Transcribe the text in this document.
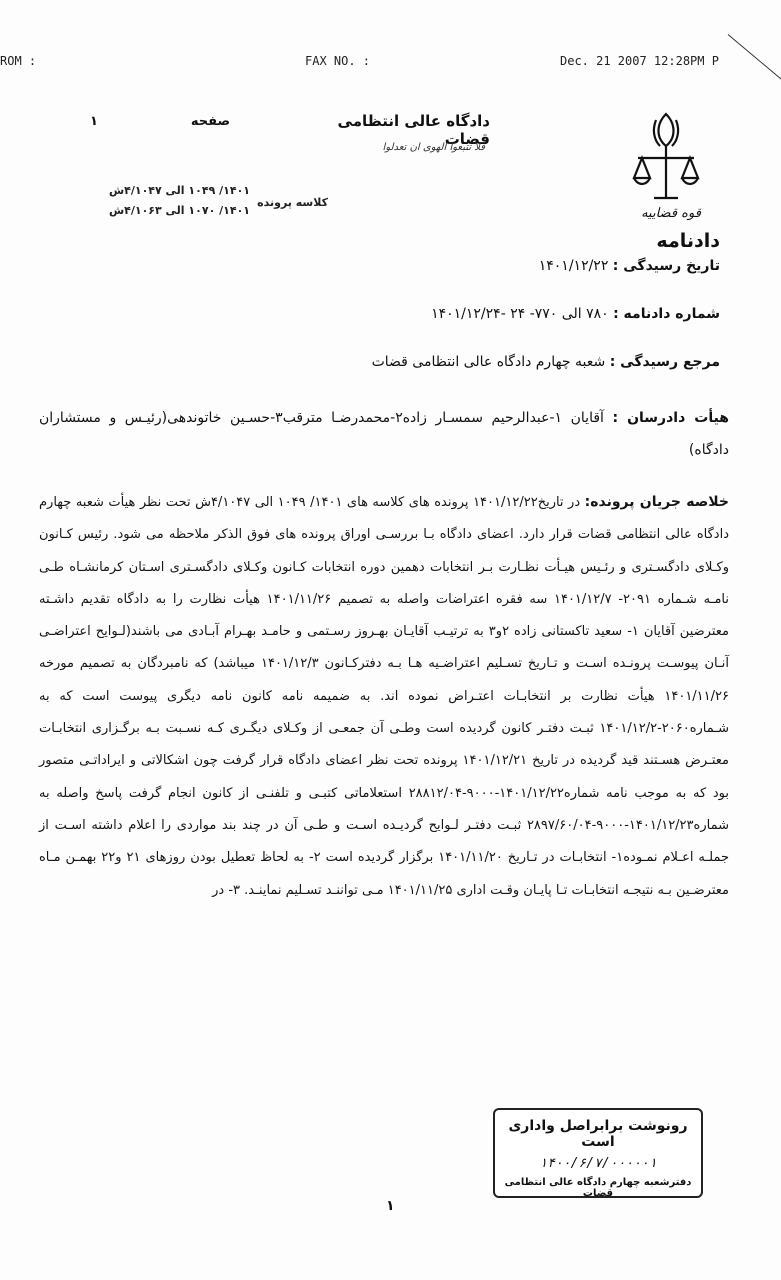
ROM :	FAX NO. :	Dec. 21 2007 12:28PM P
قوه قضاییه
دادگاه عالی انتظامی قضات
فلا تتبعوا الهوی ان تعدلوا
صفحه
۱
۱۴۰۱/ ۱۰۴۹ الی ۴/۱۰۴۷ش
۱۴۰۱/ ۱۰۷۰ الی ۴/۱۰۶۳ش
کلاسه پرونده
دادنامه
تاریخ رسیدگی : ۱۴۰۱/۱۲/۲۲
شماره دادنامه : ۷۸۰ الی ۷۷۰- ۲۴ -۱۴۰۱/۱۲/۲۴
مرجع رسیدگی : شعبه چهارم دادگاه عالی انتظامی قضات
هیأت دادرسان : آقایان ۱-عبدالرحیم سمسـار زاده۲-محمدرضـا مترقب۳-حسـین خاتوندهی(رئیـس و مستشاران دادگاه)
خلاصه جریان پرونده: در تاریخ۱۴۰۱/۱۲/۲۲ پرونده های کلاسه های ۱۴۰۱/ ۱۰۴۹ الی ۴/۱۰۴۷ش تحت نظر هیأت شعبه چهارم دادگاه عالی انتظامی قضات قرار دارد. اعضای دادگاه بـا بررسـی اوراق پرونده های فوق الذکر ملاحظه می شود. رئیس کـانون وکـلای دادگسـتری و رئـیس هیـأت نظـارت بـر انتخابات دهمین دوره انتخابات کـانون وکـلای دادگسـتری اسـتان کرمانشـاه طـی نامـه شـماره ۲۰۹۱- ۱۴۰۱/۱۲/۷ سه فقره اعتراضات واصله به تصمیم ۱۴۰۱/۱۱/۲۶ هیأت نظارت را به دادگاه تقدیم داشـته معترضین آقایان ۱- سعید تاکستانی زاده ۲و۳ به ترتیـب آقایـان بهـروز رسـتمی و حامـد بهـرام آبـادی می باشند(لـوایح اعتراضـی آنـان پیوسـت پرونـده اسـت و تـاریخ تسـلیم اعتراضـیه هـا بـه دفترکـانون ۱۴۰۱/۱۲/۳ میباشد) که نامبردگان به تصمیم مورخه ۱۴۰۱/۱۱/۲۶ هیأت نظارت بر انتخابـات اعتـراض نموده اند. به ضمیمه نامه کانون نامه دیگری پیوست است که به شـماره۲۰۶۰-۱۴۰۱/۱۲/۲ ثبـت دفتـر کانون گردیده است وطـی آن جمعـی از وکـلای دیگـری کـه نسـبت بـه برگـزاری انتخابـات معتـرض هسـتند قید گردیده در تاریخ ۱۴۰۱/۱۲/۲۱ پرونده تحت نظر اعضای دادگاه قرار گرفت چون اشکالاتی و ایراداتـی متصور بود که به موجب نامه شماره۱۴۰۱/۱۲/۲۲-۹۰۰۰-۲۸۸۱۲/۰۴ استعلاماتی کتبـی و تلفنـی از کانون انجام گرفت پاسخ واصله به شماره۱۴۰۱/۱۲/۲۳-۹۰۰۰-۲۸۹۷/۶۰/۰۴ ثبـت دفتـر لـوایح گردیـده اسـت و طـی آن در چند بند مواردی را اعلام داشته اسـت از جملـه اعـلام نمـوده۱- انتخابـات در تـاریخ ۱۴۰۱/۱۱/۲۰ برگزار گردیده است ۲- به لحاظ تعطیل بودن روزهای ۲۱ و۲۲ بهمـن مـاه معترضـین بـه نتیجـه انتخابـات تـا پایـان وقـت اداری ۱۴۰۱/۱۱/۲۵ مـی تواننـد تسـلیم نماینـد. ۳- در
رونوشت برابراصل واداری است
۱۴۰۰/۶/۷/۰۰۰۰۰۱
دفترشعبه چهارم دادگاه عالی انتظامی قضات
۱
